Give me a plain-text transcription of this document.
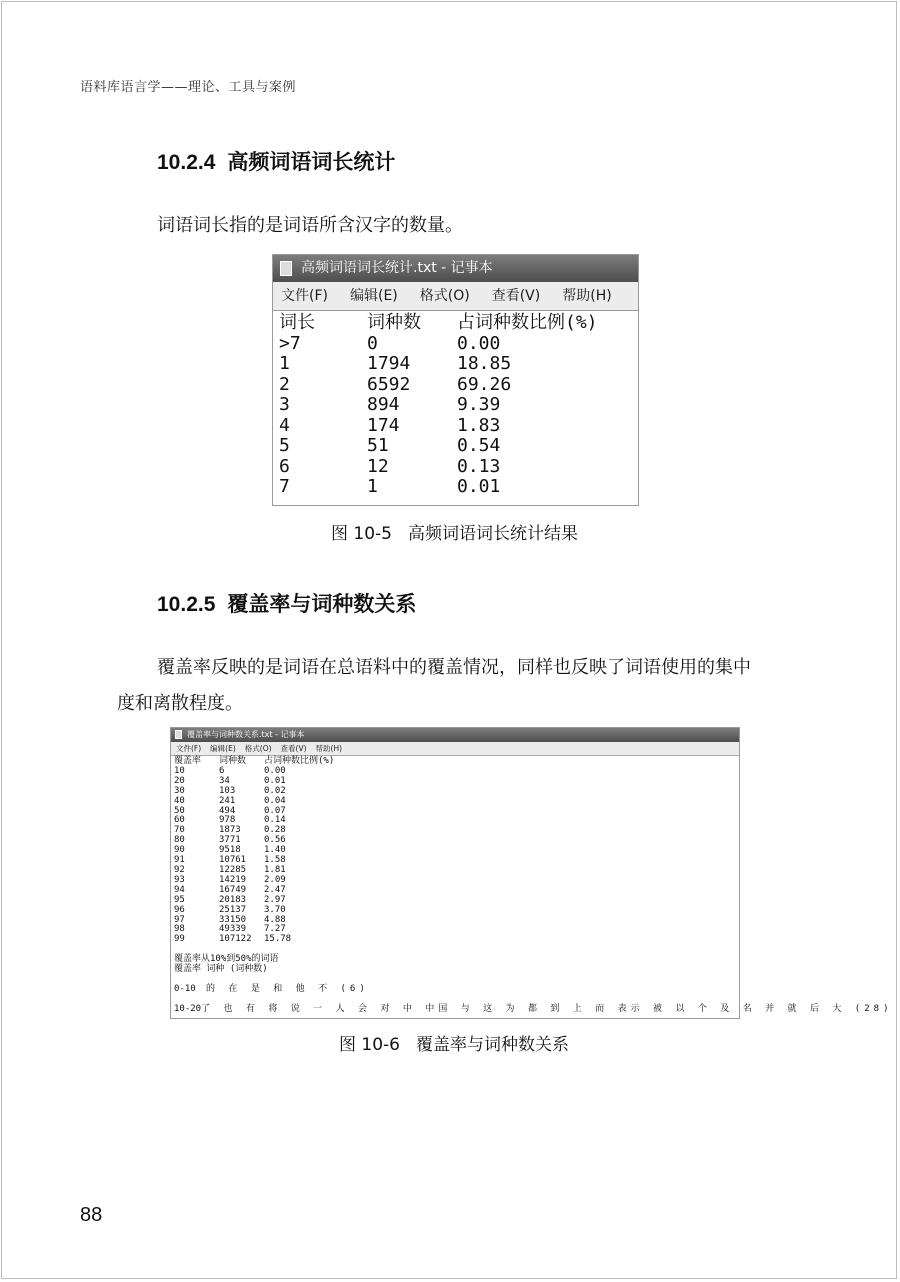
语料库语言学——理论、工具与案例
10.2.4 高频词语词长统计
词语词长指的是词语所含汉字的数量。
高频词语词长统计.txt - 记事本
文件(F) 编辑(E) 格式(O) 查看(V) 帮助(H)
词长	词种数	占词种数比例(%)
>7	0	0.00
1	1794	18.85
2	6592	69.26
3	894	9.39
4	174	1.83
5	51	0.54
6	12	0.13
7	1	0.01
图 10-5 高频词语词长统计结果
10.2.5 覆盖率与词种数关系
覆盖率反映的是词语在总语料中的覆盖情况，同样也反映了词语使用的集中
度和离散程度。
覆盖率与词种数关系.txt - 记事本
文件(F) 编辑(E) 格式(O) 查看(V) 帮助(H)
覆盖率	词种数	占词种数比例(%)
10	6	0.00
20	34	0.01
30	103	0.02
40	241	0.04
50	494	0.07
60	978	0.14
70	1873	0.28
80	3771	0.56
90	9518	1.40
91	10761	1.58
92	12285	1.81
93	14219	2.09
94	16749	2.47
95	20183	2.97
96	25137	3.70
97	33150	4.88
98	49339	7.27
99	107122	15.78
覆盖率从10%到50%的词语
覆盖率 词种 (词种数)
0-10	的 在 是 和 他 不 (6)
10-20 了 也 有 将 说 一 人 会 对 中 中国 与 这 为 都 到 上 而 表示 被 以 个 及 名 并 就 后 大 (28)
图 10-6 覆盖率与词种数关系
88
